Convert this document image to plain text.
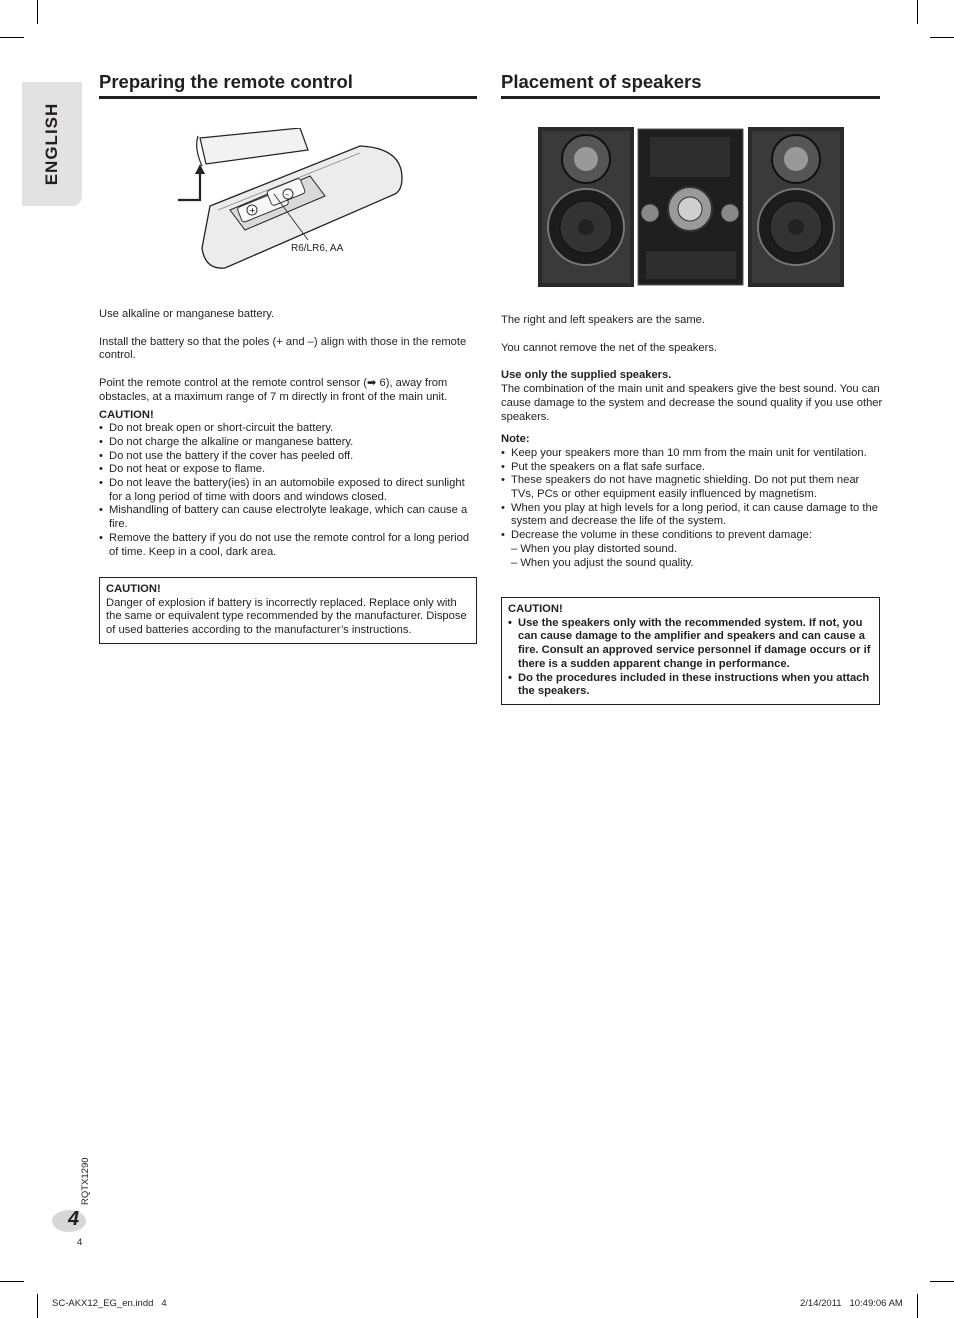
ENGLISH
Preparing the remote control
+
–
R6/LR6, AA

Use alkaline or manganese battery.

Install the battery so that the poles (+ and –) align with those in the remote control.

Point the remote control at the remote control sensor (➡ 6), away from obstacles, at a maximum range of 7 m directly in front of the main unit.

CAUTION!

• Do not break open or short-circuit the battery.
• Do not charge the alkaline or manganese battery.
• Do not use the battery if the cover has peeled off.
• Do not heat or expose to flame.
• Do not leave the battery(ies) in an automobile exposed to direct sunlight for a long period of time with doors and windows closed.
• Mishandling of battery can cause electrolyte leakage, which can cause a fire.
• Remove the battery if you do not use the remote control for a long period of time. Keep in a cool, dark area.
CAUTION!
Danger of explosion if battery is incorrectly replaced. Replace only with the same or equivalent type recommended by the manufacturer. Dispose of used batteries according to the manufacturer’s instructions.
Placement of speakers

The right and left speakers are the same.

You cannot remove the net of the speakers.

Use only the supplied speakers.

The combination of the main unit and speakers give the best sound. You can cause damage to the system and decrease the sound quality if you use other speakers.

Note:

• Keep your speakers more than 10 mm from the main unit for ventilation.
• Put the speakers on a flat safe surface.
• These speakers do not have magnetic shielding. Do not put them near TVs, PCs or other equipment easily influenced by magnetism.
• When you play at high levels for a long period, it can cause damage to the system and decrease the life of the system.
• Decrease the volume in these conditions to prevent damage:
– When you play distorted sound.
– When you adjust the sound quality.
CAUTION!
• Use the speakers only with the recommended system. If not, you can cause damage to the amplifier and speakers and can cause a fire. Consult an approved service personnel if damage occurs or if there is a sudden apparent change in performance.
• Do the procedures included in these instructions when you attach the speakers.
RQTX1290
4
4
SC-AKX12_EG_en.indd   4	2/14/2011   10:49:06 AM
